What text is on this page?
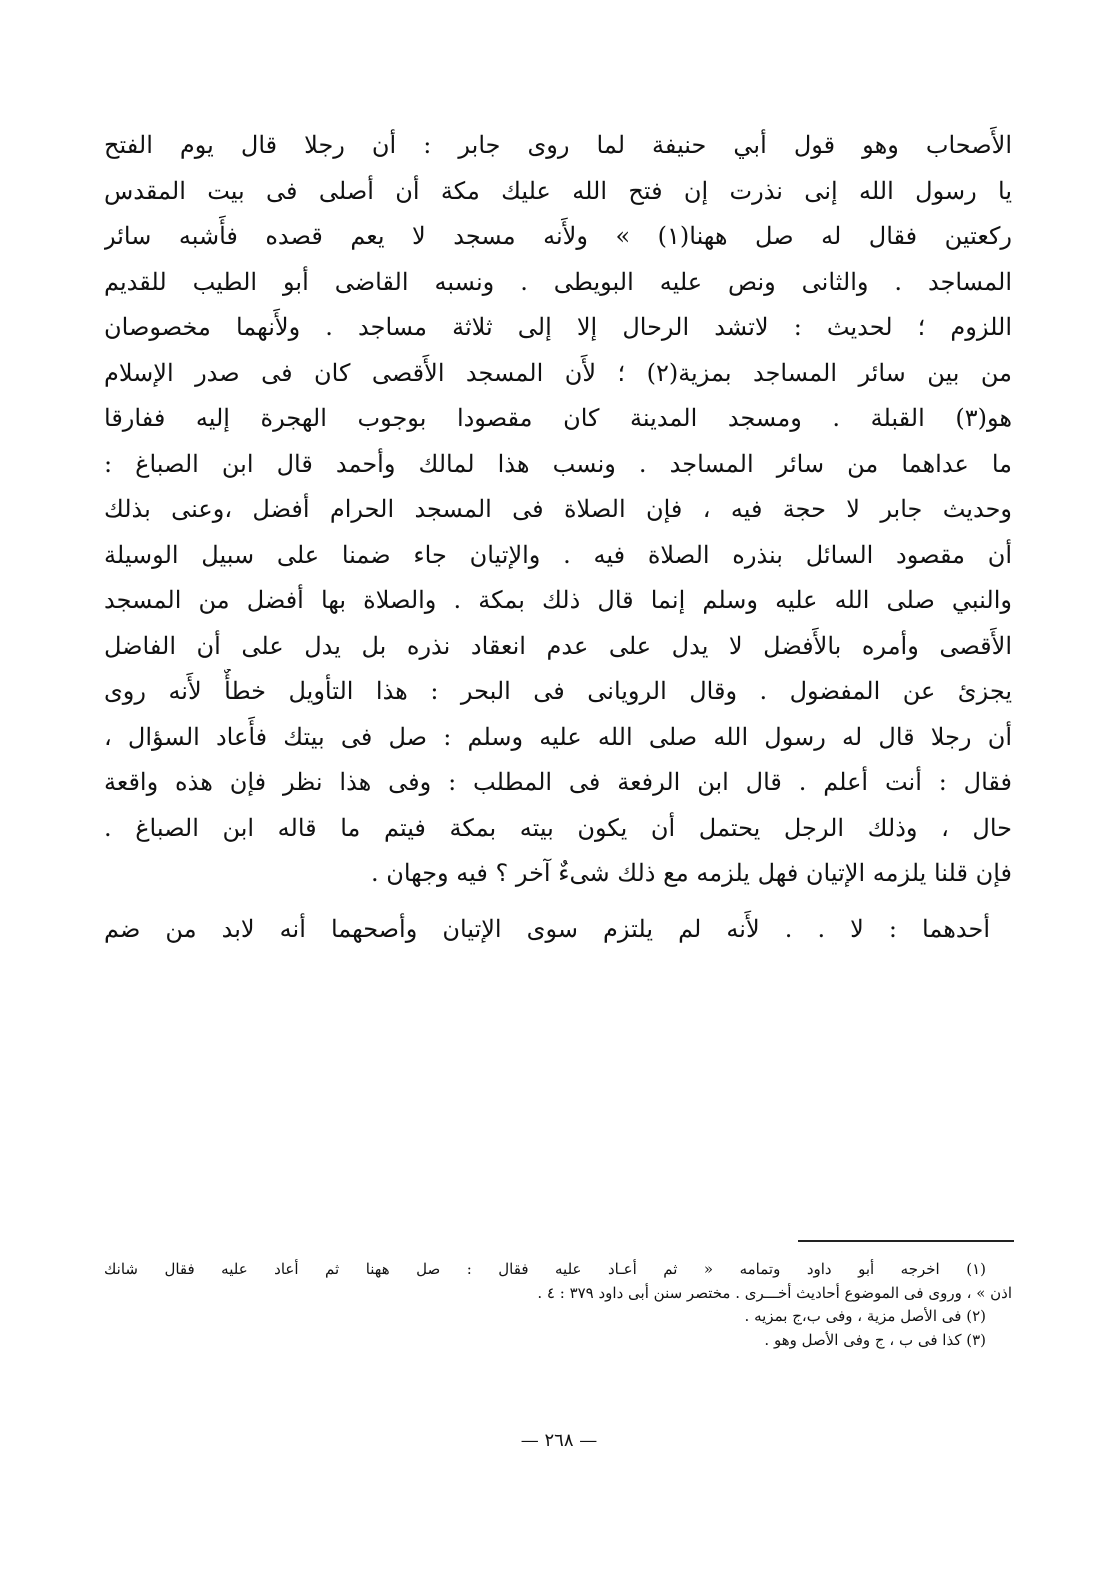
الأَصحاب وهو قول أبي حنيفة لما روى جابر : أن رجلا قال يوم الفتح
يا رسول الله إنى نذرت إن فتح الله عليك مكة أن أصلى فى بيت المقدس
ركعتين فقال له صل ههنا(١) » ولأَنه مسجد لا يعم قصده فأَشبه سائر
المساجد . والثانى ونص عليه البويطى . ونسبه القاضى أبو الطيب للقديم
اللزوم ؛ لحديث : لاتشد الرحال إلا إلى ثلاثة مساجد . ولأَنهما مخصوصان
من بين سائر المساجد بمزية(٢) ؛ لأَن المسجد الأَقصى كان فى صدر الإسلام
هو(٣) القبلة . ومسجد المدينة كان مقصودا بوجوب الهجرة إليه ففارقا
ما عداهما من سائر المساجد . ونسب هذا لمالك وأحمد قال ابن الصباغ :
وحديث جابر لا حجة فيه ، فإن الصلاة فى المسجد الحرام أفضل ،وعنى بذلك
أن مقصود السائل بنذره الصلاة فيه . والإتيان جاء ضمنا على سبيل الوسيلة
والنبي صلى الله عليه وسلم إنما قال ذلك بمكة . والصلاة بها أفضل من المسجد
الأَقصى وأمره بالأَفضل لا يدل على عدم انعقاد نذره بل يدل على أن الفاضل
يجزئ عن المفضول . وقال الرويانى فى البحر : هذا التأويل خطأٌ لأَنه روى
أن رجلا قال له رسول الله صلى الله عليه وسلم : صل فى بيتك فأَعاد السؤال ،
فقال : أنت أعلم . قال ابن الرفعة فى المطلب : وفى هذا نظر فإن هذه واقعة
حال ، وذلك الرجل يحتمل أن يكون بيته بمكة فيتم ما قاله ابن الصباغ .
فإن قلنا يلزمه الإتيان فهل يلزمه مع ذلك شىءٌ آخر ؟ فيه وجهان .
أحدهما : لا . . لأَنه لم يلتزم سوى الإتيان وأصحهما أنه لابد من ضم
(١) اخرجه أبو داود وتمامه « ثم أعـاد عليه فقال : صل ههنا ثم أعاد عليه فقال شانك
اذن » ، وروى فى الموضوع أحاديث أخـــرى . مختصر سنن أبى داود ٣٧٩ : ٤ .
(٢) فى الأصل مزية ، وفى ب،ج بمزيه .
(٣) كذا فى ب ، ج وفى الأصل وهو .
— ٢٦٨ —
